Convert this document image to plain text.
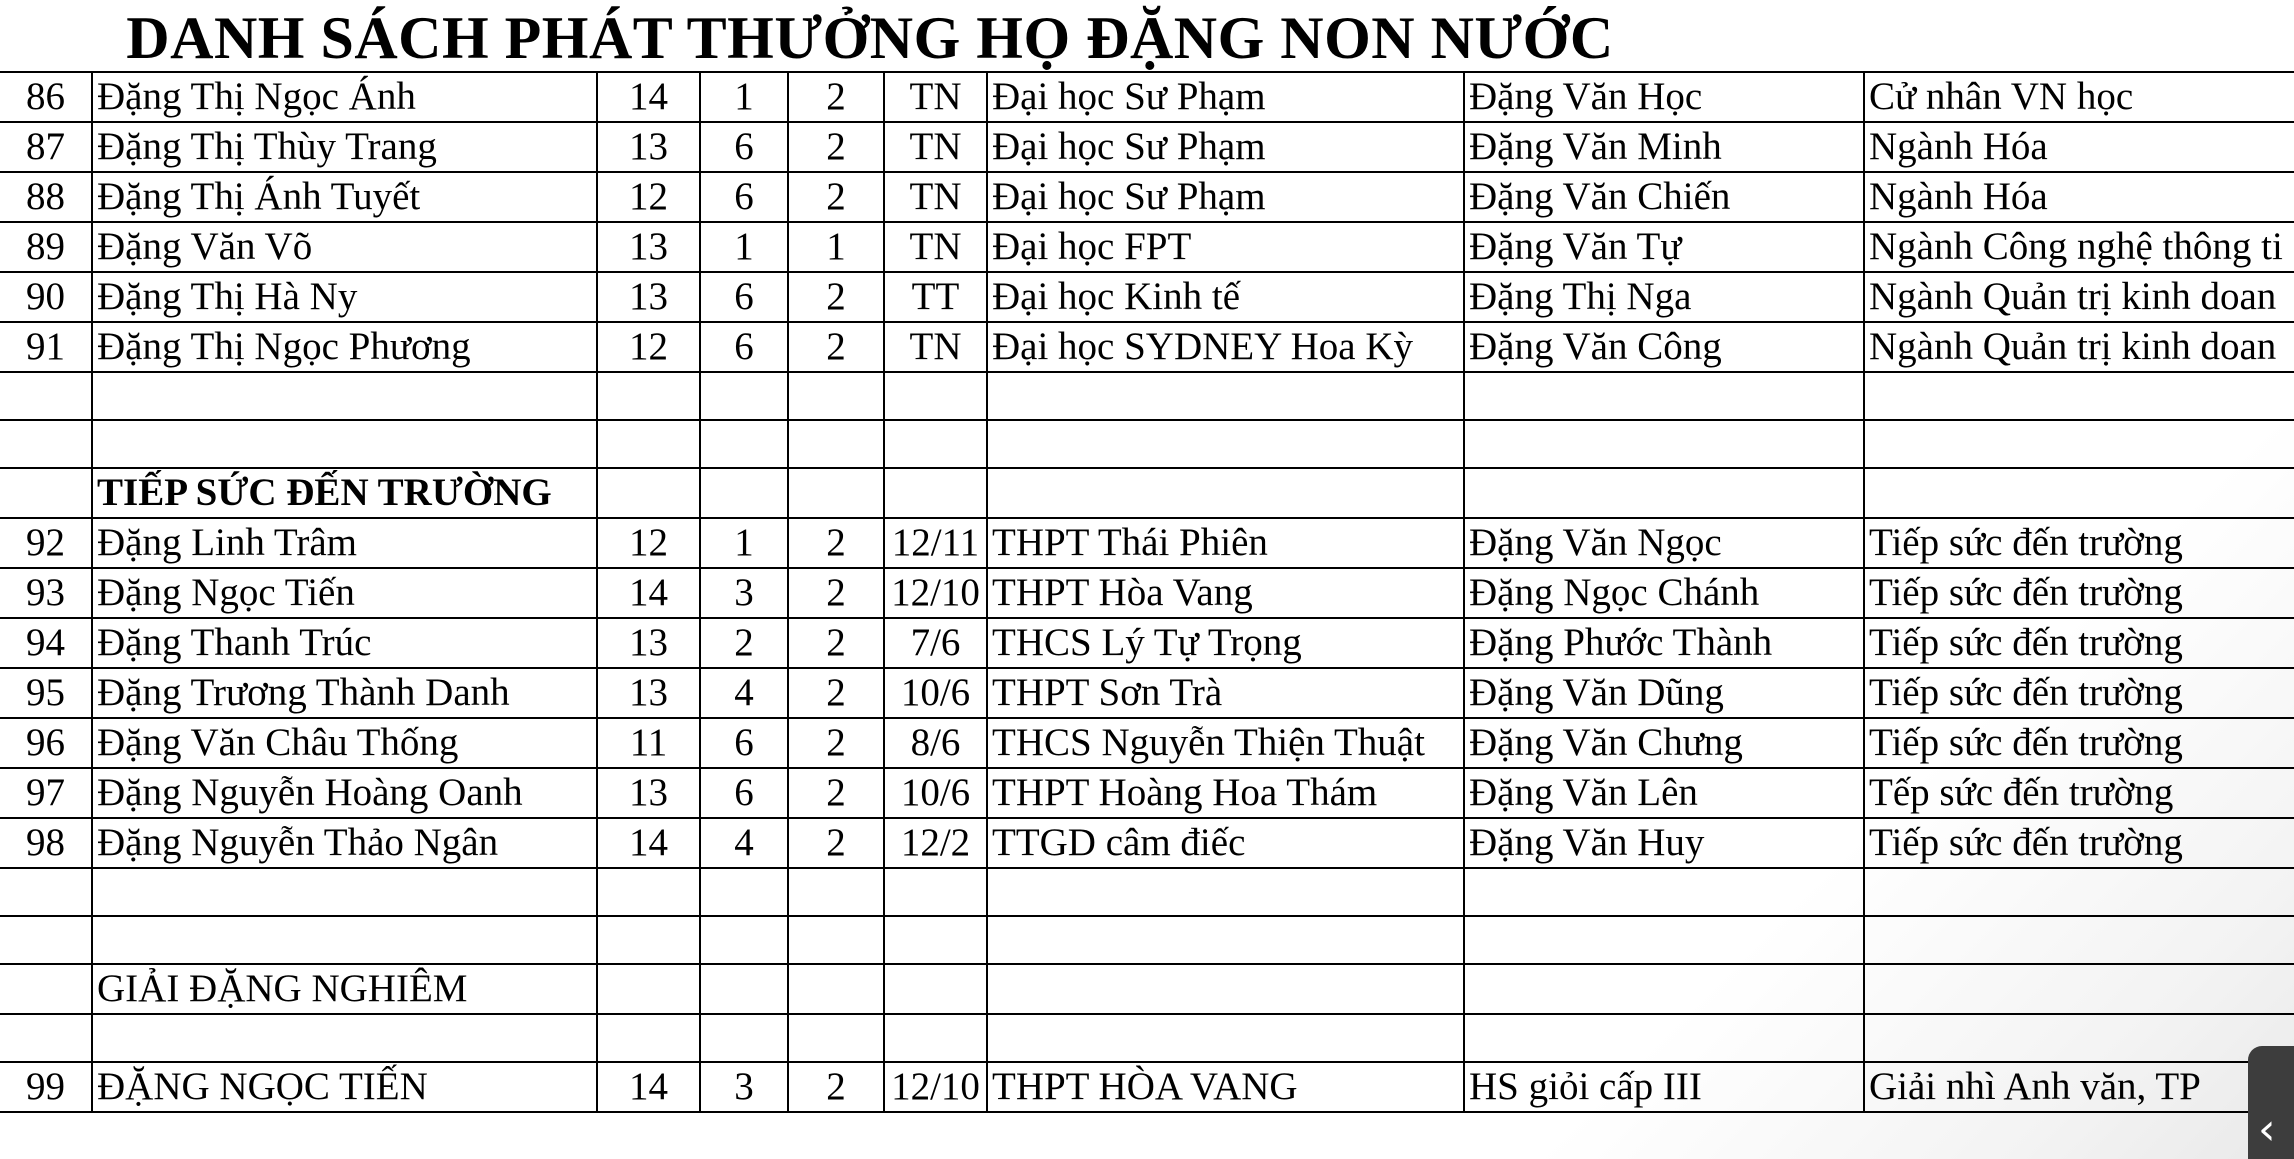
DANH SÁCH PHÁT THƯỞNG HỌ ĐẶNG NON NƯỚC
86	Đặng Thị Ngọc Ánh	14	1	2	TN	Đại học Sư Phạm	Đặng Văn Học	Cử nhân VN học
87	Đặng Thị Thùy Trang	13	6	2	TN	Đại học Sư Phạm	Đặng Văn Minh	Ngành Hóa
88	Đặng Thị Ánh Tuyết	12	6	2	TN	Đại học Sư Phạm	Đặng Văn Chiến	Ngành Hóa
89	Đặng Văn Võ	13	1	1	TN	Đại học FPT	Đặng Văn Tự	Ngành Công nghệ thông ti
90	Đặng Thị Hà Ny	13	6	2	TT	Đại học Kinh tế	Đặng Thị Nga	Ngành Quản trị kinh doan
91	Đặng Thị Ngọc Phương	12	6	2	TN	Đại học SYDNEY Hoa Kỳ	Đặng Văn Công	Ngành Quản trị kinh doan

	TIẾP SỨC ĐẾN TRƯỜNG							
92	Đặng Linh Trâm	12	1	2	12/11	THPT Thái Phiên	Đặng Văn Ngọc	Tiếp sức đến trường
93	Đặng Ngọc Tiến	14	3	2	12/10	THPT Hòa Vang	Đặng Ngọc Chánh	Tiếp sức đến trường
94	Đặng Thanh Trúc	13	2	2	7/6	THCS Lý Tự Trọng	Đặng Phước Thành	Tiếp sức đến trường
95	Đặng Trương Thành Danh	13	4	2	10/6	THPT Sơn Trà	Đặng Văn Dũng	Tiếp sức đến trường
96	Đặng Văn Châu Thống	11	6	2	8/6	THCS Nguyễn Thiện Thuật	Đặng Văn Chưng	Tiếp sức đến trường
97	Đặng Nguyễn Hoàng Oanh	13	6	2	10/6	THPT Hoàng Hoa Thám	Đặng Văn Lên	Tếp sức đến trường
98	Đặng Nguyễn Thảo Ngân	14	4	2	12/2	TTGD câm điếc	Đặng Văn Huy	Tiếp sức đến trường

	GIẢI ĐẶNG NGHIÊM							

99	ĐẶNG NGỌC TIẾN	14	3	2	12/10	THPT HÒA VANG	HS giỏi cấp III	Giải nhì Anh văn, TP
‹
